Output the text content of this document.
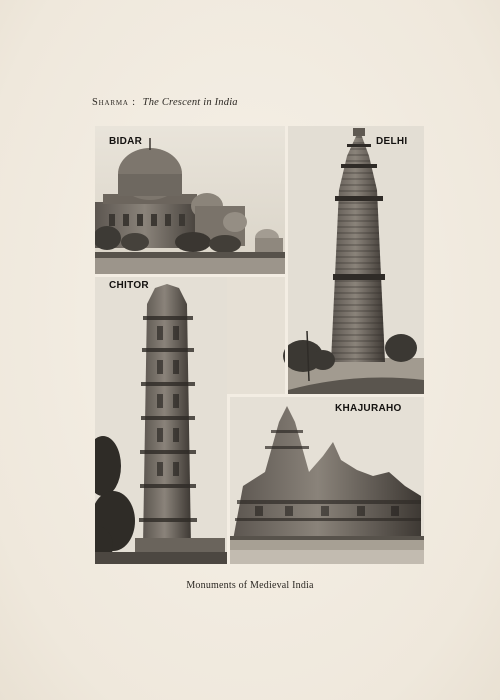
Sharma : The Crescent in India
BIDAR	DELHI
CHITOR
KHAJURAHO
Monuments of Medieval India
